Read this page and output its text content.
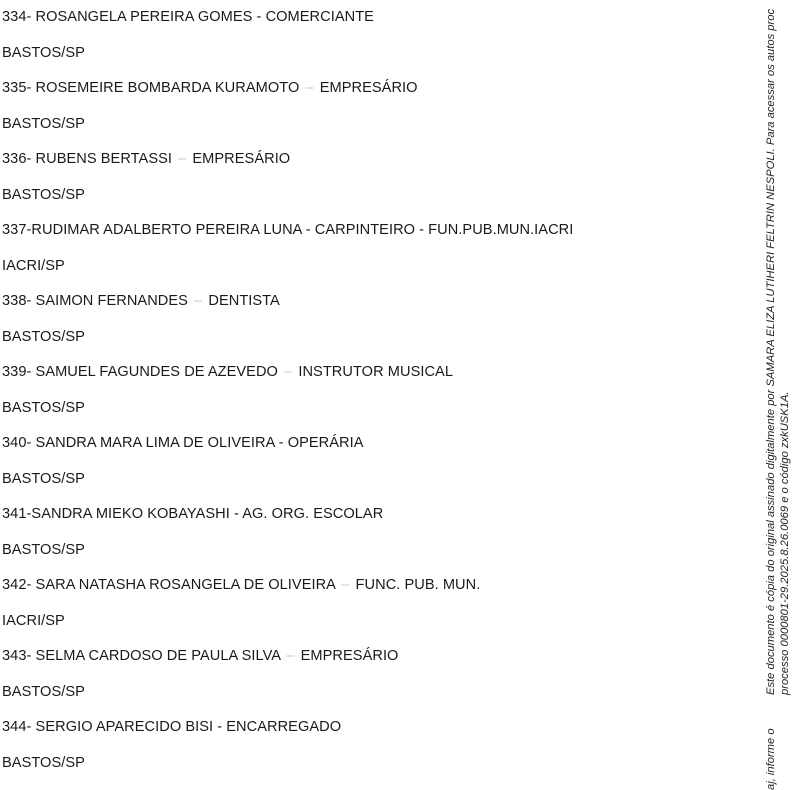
334- ROSANGELA PEREIRA GOMES - COMERCIANTE
BASTOS/SP
335- ROSEMEIRE BOMBARDA KURAMOTO – EMPRESÁRIO
BASTOS/SP
336- RUBENS BERTASSI – EMPRESÁRIO
BASTOS/SP
337-RUDIMAR ADALBERTO PEREIRA LUNA - CARPINTEIRO - FUN.PUB.MUN.IACRI
IACRI/SP
338- SAIMON FERNANDES – DENTISTA
BASTOS/SP
339- SAMUEL FAGUNDES DE AZEVEDO – INSTRUTOR MUSICAL
BASTOS/SP
340- SANDRA MARA LIMA DE OLIVEIRA - OPERÁRIA
BASTOS/SP
341-SANDRA MIEKO KOBAYASHI - AG. ORG. ESCOLAR
BASTOS/SP
342- SARA NATASHA ROSANGELA DE OLIVEIRA – FUNC. PUB. MUN.
IACRI/SP
343- SELMA CARDOSO DE PAULA SILVA – EMPRESÁRIO
BASTOS/SP
344- SERGIO APARECIDO BISI - ENCARREGADO
BASTOS/SP
Este documento é cópia do original assinado digitalmente por SAMARA ELIZA LUTIHERI FELTRIN NESPOLI. Para acessar os autos proc processo 0000801-29.2025.8.26.0069 e o código zxkUSK1A.
aj, informe o
